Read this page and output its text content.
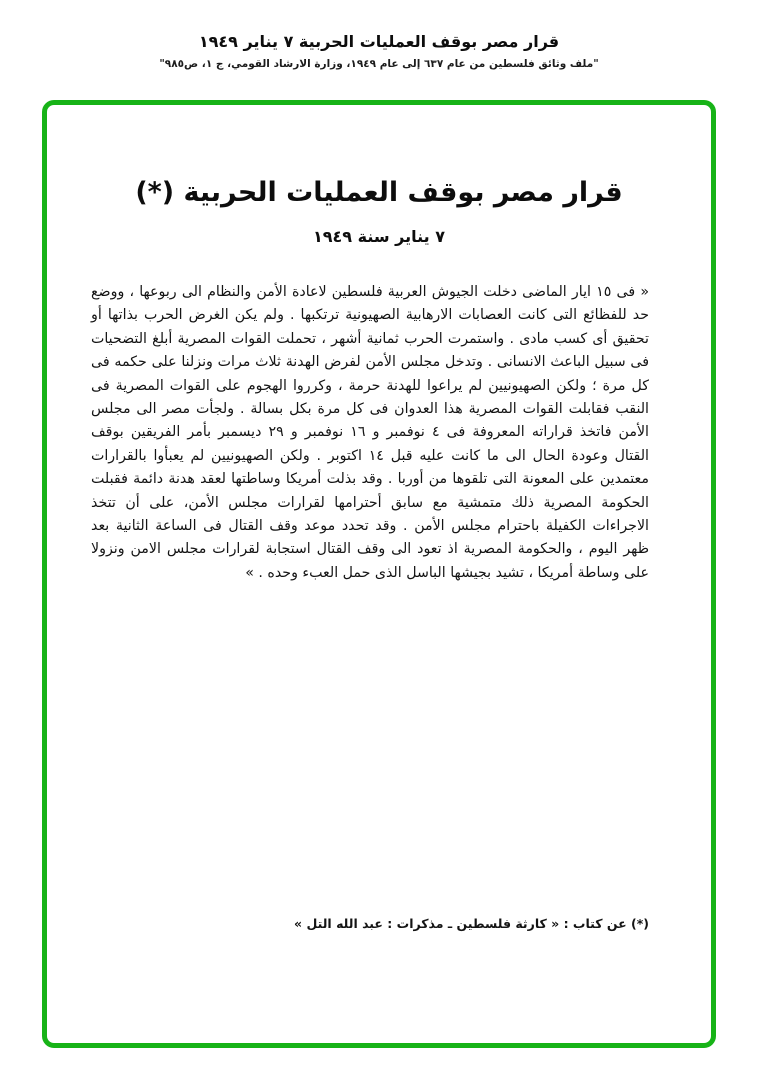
قرار مصر بوقف العمليات الحربية ٧ يناير ١٩٤٩
"ملف وثائق فلسطين من عام ٦٣٧ إلى عام ١٩٤٩، وزارة الارشاد القومي، ج ١، ص٩٨٥"
قرار مصر بوقف العمليات الحربية (*)
٧ يناير سنة ١٩٤٩
« فى ١٥ ايار الماضى دخلت الجيوش العربية فلسطين لاعادة الأمن والنظام الى ربوعها ، ووضع حد للفظائع التى كانت العصابات الارهابية الصهيونية ترتكبها . ولم يكن الغرض الحرب بذاتها أو تحقيق أى كسب مادى . واستمرت الحرب ثمانية أشهر ، تحملت القوات المصرية أبلغ التضحيات فى سبيل الباعث الانسانى . وتدخل مجلس الأمن لفرض الهدنة ثلاث مرات ونزلنا على حكمه فى كل مرة ؛ ولكن الصهيونيين لم يراعوا للهدنة حرمة ، وكرروا الهجوم على القوات المصرية فى النقب فقابلت القوات المصرية هذا العدوان فى كل مرة بكل بسالة . ولجأت مصر الى مجلس الأمن فاتخذ قراراته المعروفة فى ٤ نوفمبر و ١٦ نوفمبر و ٢٩ ديسمبر بأمر الفريقين بوقف القتال وعودة الحال الى ما كانت عليه قبل ١٤ اكتوبر . ولكن الصهيونيين لم يعبأوا بالقرارات معتمدين على المعونة التى تلقوها من أوربا . وقد بذلت أمريكا وساطتها لعقد هدنة دائمة فقبلت الحكومة المصرية ذلك متمشية مع سابق أحترامها لقرارات مجلس الأمن، على أن تتخذ الاجراءات الكفيلة باحترام مجلس الأمن . وقد تحدد موعد وقف القتال فى الساعة الثانية بعد ظهر اليوم ، والحكومة المصرية اذ تعود الى وقف القتال استجابة لقرارات مجلس الامن ونزولا على وساطة أمريكا ، تشيد بجيشها الباسل الذى حمل العبء وحده . »
(*) عن كتاب : « كارثة فلسطين ـ مذكرات : عبد الله التل »
